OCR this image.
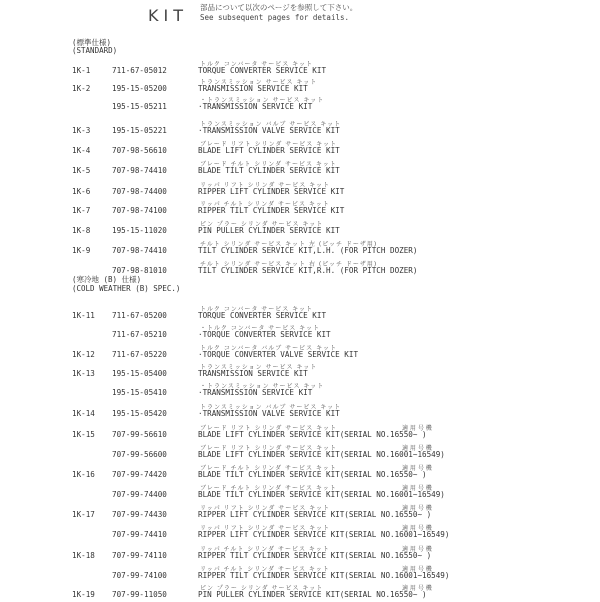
KIT 部品について以次のページを参照して下さい。
See subsequent pages for details.
(標準仕様)
(STANDARD)
(寒冷地 (B) 仕様)
(COLD WEATHER (B) SPEC.)
トルク コンバータ サービス キット
1K-1	711-67-05012	TORQUE CONVERTER SERVICE KIT
トランスミッション サービス キット
1K-2	195-15-05200	TRANSMISSION SERVICE KIT
・トランスミッション サービス キット
195-15-05211	·TRANSMISSION SERVICE KIT
トランスミッション バルブ サービス キット
1K-3	195-15-05221	·TRANSMISSION VALVE SERVICE KIT
ブレード リフト シリンダ サービス キット
1K-4	707-98-56610	BLADE LIFT CYLINDER SERVICE KIT
ブレード チルト シリンダ サービス キット
1K-5	707-98-74410	BLADE TILT CYLINDER SERVICE KIT
リッパ リフト シリンダ サービス キット
1K-6	707-98-74400	RIPPER LIFT CYLINDER SERVICE KIT
リッパ チルト シリンダ サービス キット
1K-7	707-98-74100	RIPPER TILT CYLINDER SERVICE KIT
ピン プラー シリンダ サービス キット
1K-8	195-15-11020	PIN PULLER CYLINDER SERVICE KIT
チルト シリンダ サービス キット 左 (ピッチ ドーザ用)
1K-9	707-98-74410	TILT CYLINDER SERVICE KIT,L.H. (FOR PITCH DOZER)
チルト シリンダ サービス キット 右 (ピッチ ドーザ用)
707-98-81010	TILT CYLINDER SERVICE KIT,R.H. (FOR PITCH DOZER)
トルク コンバータ サービス キット
1K-11 711-67-05200	TORQUE CONVERTER SERVICE KIT
・トルク コンバータ サービス キット
711-67-05210	·TORQUE CONVERTER SERVICE KIT
トルク コンバータ バルブ サービス キット
1K-12 711-67-05220	·TORQUE CONVERTER VALVE SERVICE KIT
トランスミッション サービス キット
1K-13 195-15-05400	TRANSMISSION SERVICE KIT
・トランスミッション サービス キット
195-15-05410	·TRANSMISSION SERVICE KIT
トランスミッション バルブ サービス キット
1K-14 195-15-05420	·TRANSMISSION VALVE SERVICE KIT
ブレード リフト シリンダ サービス キット
1K-15 707-99-56610	BLADE LIFT CYLINDER SERVICE KIT(SERIAL NO.16550~ )
適 用 号 機
ブレード リフト シリンダ サービス キット
707-99-56600	BLADE LIFT CYLINDER SERVICE KIT(SERIAL NO.16001~16549)
適 用 号 機
ブレード チルト シリンダ サービス キット
1K-16 707-99-74420	BLADE TILT CYLINDER SERVICE KIT(SERIAL NO.16550~ )
適 用 号 機
ブレード チルト シリンダ サービス キット
707-99-74400	BLADE TILT CYLINDER SERVICE KIT(SERIAL NO.16001~16549)
適 用 号 機
リッパ リフト シリンダ サービス キット
1K-17 707-99-74430	RIPPER LIFT CYLINDER SERVICE KIT(SERIAL NO.16550~ )
適 用 号 機
リッパ リフト シリンダ サービス キット
707-99-74410	RIPPER LIFT CYLINDER SERVICE KIT(SERIAL NO.16001~16549)
適 用 号 機
リッパ チルト シリンダ サービス キット
1K-18 707-99-74110	RIPPER TILT CYLINDER SERVICE KIT(SERIAL NO.16550~ )
適 用 号 機
リッパ チルト シリンダ サービス キット
707-99-74100	RIPPER TILT CYLINDER SERVICE KIT(SERIAL NO.16001~16549)
適 用 号 機
ピン プラー シリンダ サービス キット
1K-19 707-99-11050	PIN PULLER CYLINDER SERVICE KIT(SERIAL NO.16550~ )
適 用 号 機
